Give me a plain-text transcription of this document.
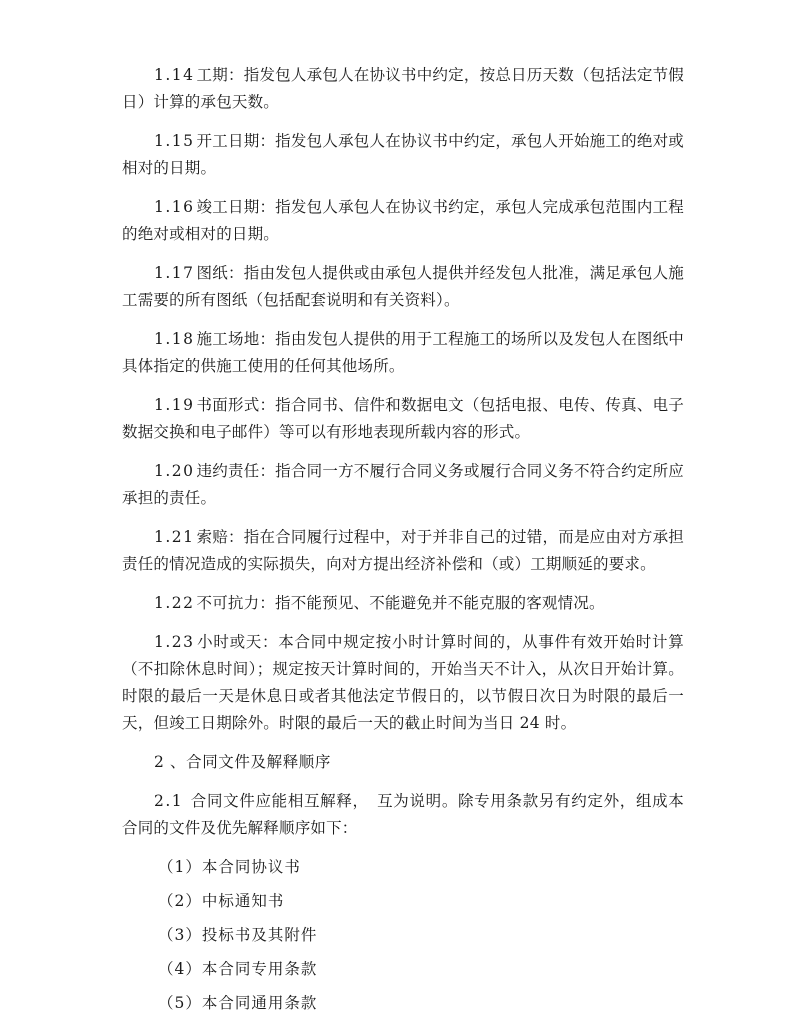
1.14 工期：指发包人承包人在协议书中约定，按总日历天数（包括法定节假日）计算的承包天数。

1.15 开工日期：指发包人承包人在协议书中约定，承包人开始施工的绝对或相对的日期。

1.16 竣工日期：指发包人承包人在协议书约定，承包人完成承包范围内工程的绝对或相对的日期。

1.17 图纸：指由发包人提供或由承包人提供并经发包人批准，满足承包人施工需要的所有图纸（包括配套说明和有关资料）。

1.18 施工场地：指由发包人提供的用于工程施工的场所以及发包人在图纸中具体指定的供施工使用的任何其他场所。

1.19 书面形式：指合同书、信件和数据电文（包括电报、电传、传真、电子数据交换和电子邮件）等可以有形地表现所载内容的形式。

1.20 违约责任：指合同一方不履行合同义务或履行合同义务不符合约定所应承担的责任。

1.21 索赔：指在合同履行过程中，对于并非自己的过错，而是应由对方承担责任的情况造成的实际损失，向对方提出经济补偿和（或）工期顺延的要求。

1.22 不可抗力：指不能预见、不能避免并不能克服的客观情况。

1.23 小时或天：本合同中规定按小时计算时间的，从事件有效开始时计算（不扣除休息时间）；规定按天计算时间的，开始当天不计入，从次日开始计算。时限的最后一天是休息日或者其他法定节假日的，以节假日次日为时限的最后一天，但竣工日期除外。时限的最后一天的截止时间为当日 24 时。

2 、合同文件及解释顺序

2.1 合同文件应能相互解释，　互为说明。除专用条款另有约定外，组成本合同的文件及优先解释顺序如下：

（1）本合同协议书

（2）中标通知书

（3）投标书及其附件

（4）本合同专用条款

（5）本合同通用条款
